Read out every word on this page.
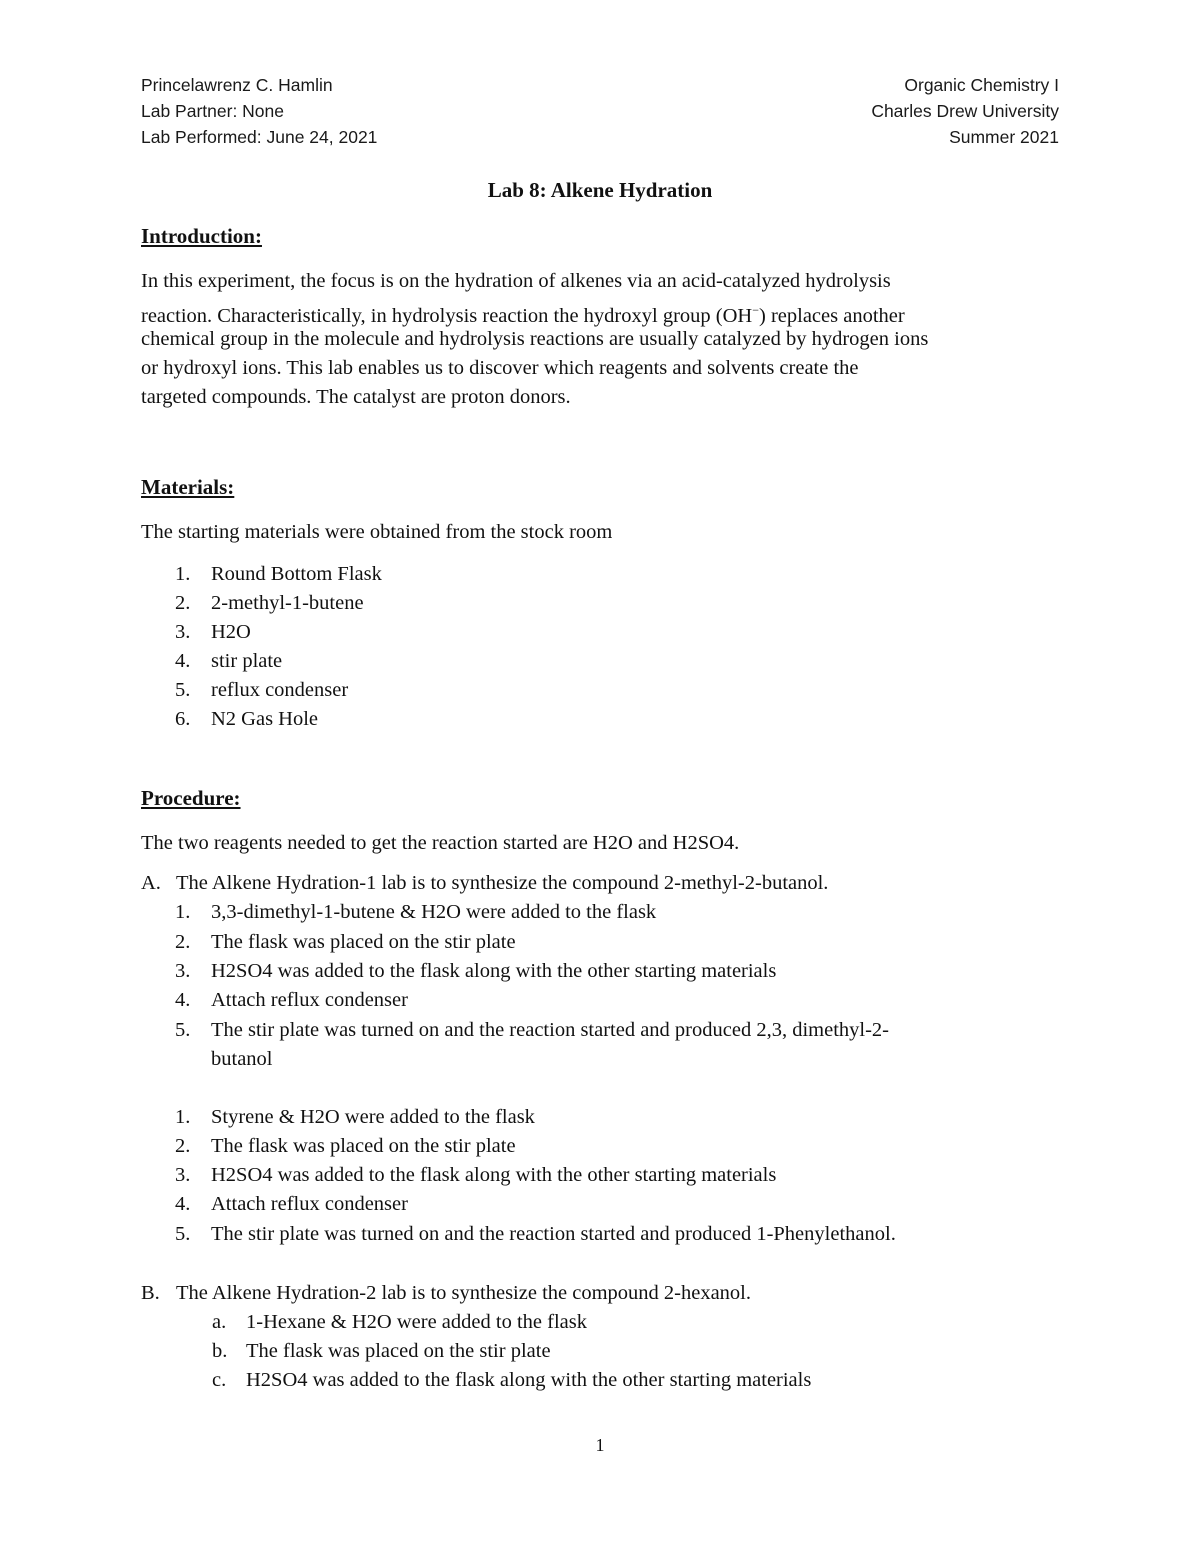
Princelawrenz C. Hamlin	Organic Chemistry I
Lab Partner: None	Charles Drew University
Lab Performed: June 24, 2021	Summer 2021
Lab 8: Alkene Hydration
Introduction:
In this experiment, the focus is on the hydration of alkenes via an acid-catalyzed hydrolysis
reaction. Characteristically, in hydrolysis reaction the hydroxyl group (OH−) replaces another
chemical group in the molecule and hydrolysis reactions are usually catalyzed by hydrogen ions
or hydroxyl ions. This lab enables us to discover which reagents and solvents create the
targeted compounds. The catalyst are proton donors.
Materials:
The starting materials were obtained from the stock room
1. Round Bottom Flask
2. 2-methyl-1-butene
3. H2O
4. stir plate
5. reflux condenser
6. N2 Gas Hole
Procedure:
The two reagents needed to get the reaction started are H2O and H2SO4.
A. The Alkene Hydration-1 lab is to synthesize the compound 2-methyl-2-butanol.
1. 3,3-dimethyl-1-butene & H2O were added to the flask
2. The flask was placed on the stir plate
3. H2SO4 was added to the flask along with the other starting materials
4. Attach reflux condenser
5. The stir plate was turned on and the reaction started and produced 2,3, dimethyl-2-
butanol
1. Styrene & H2O were added to the flask
2. The flask was placed on the stir plate
3. H2SO4 was added to the flask along with the other starting materials
4. Attach reflux condenser
5. The stir plate was turned on and the reaction started and produced 1-Phenylethanol.
B. The Alkene Hydration-2 lab is to synthesize the compound 2-hexanol.
a. 1-Hexane & H2O were added to the flask
b. The flask was placed on the stir plate
c. H2SO4 was added to the flask along with the other starting materials
1
